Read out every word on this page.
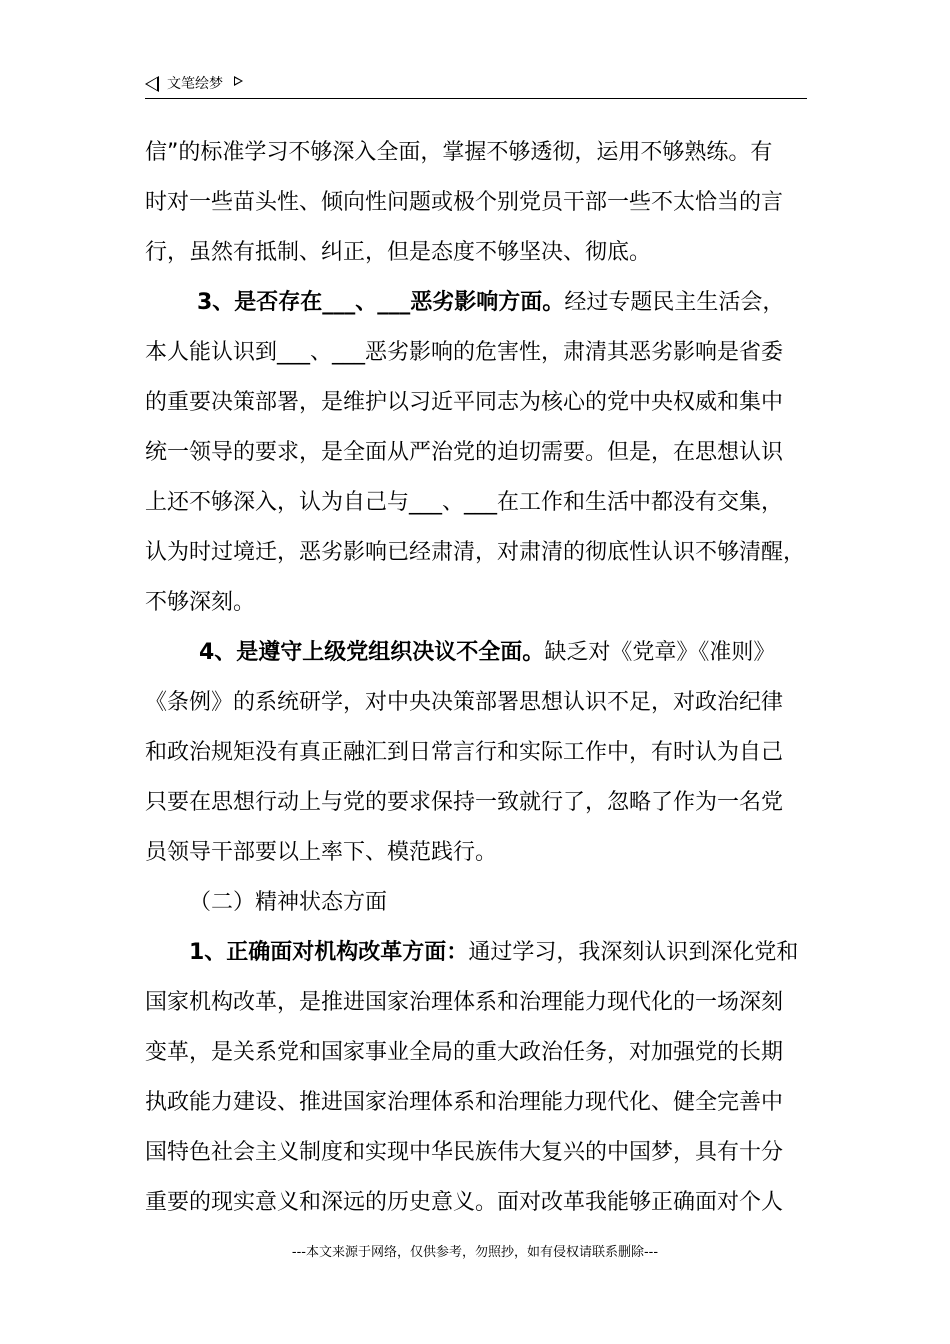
文笔绘梦
信”的标准学习不够深入全面，掌握不够透彻，运用不够熟练。有
时对一些苗头性、倾向性问题或极个别党员干部一些不太恰当的言
行，虽然有抵制、纠正，但是态度不够坚决、彻底。
3、是否存在___、___恶劣影响方面。经过专题民主生活会，
本人能认识到___、___恶劣影响的危害性，肃清其恶劣影响是省委
的重要决策部署，是维护以习近平同志为核心的党中央权威和集中
统一领导的要求，是全面从严治党的迫切需要。但是，在思想认识
上还不够深入，认为自己与___、___在工作和生活中都没有交集，
认为时过境迁，恶劣影响已经肃清，对肃清的彻底性认识不够清醒，
不够深刻。
4、是遵守上级党组织决议不全面。缺乏对《党章》《准则》
《条例》的系统研学，对中央决策部署思想认识不足，对政治纪律
和政治规矩没有真正融汇到日常言行和实际工作中，有时认为自己
只要在思想行动上与党的要求保持一致就行了，忽略了作为一名党
员领导干部要以上率下、模范践行。
（二）精神状态方面
1、正确面对机构改革方面：通过学习，我深刻认识到深化党和
国家机构改革，是推进国家治理体系和治理能力现代化的一场深刻
变革，是关系党和国家事业全局的重大政治任务，对加强党的长期
执政能力建设、推进国家治理体系和治理能力现代化、健全完善中
国特色社会主义制度和实现中华民族伟大复兴的中国梦，具有十分
重要的现实意义和深远的历史意义。面对改革我能够正确面对个人
---本文来源于网络，仅供参考，勿照抄，如有侵权请联系删除---
